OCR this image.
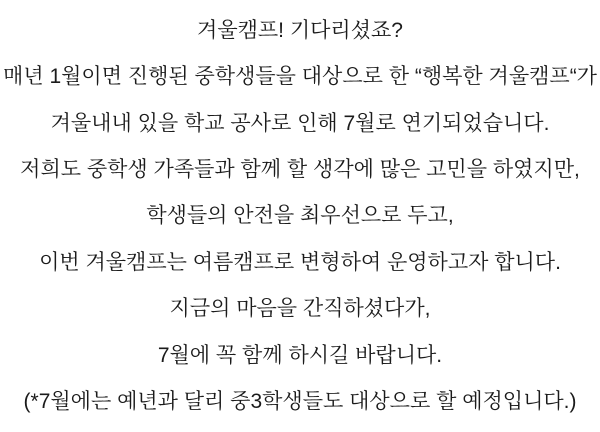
겨울캠프! 기다리셨죠?
매년 1월이면 진행된 중학생들을 대상으로 한 “행복한 겨울캠프“가
겨울내내 있을 학교 공사로 인해 7월로 연기되었습니다.
저희도 중학생 가족들과 함께 할 생각에 많은 고민을 하였지만,
학생들의 안전을 최우선으로 두고,
이번 겨울캠프는 여름캠프로 변형하여 운영하고자 합니다.
지금의 마음을 간직하셨다가,
7월에 꼭 함께 하시길 바랍니다.
(*7월에는 예년과 달리 중3학생들도 대상으로 할 예정입니다.)
